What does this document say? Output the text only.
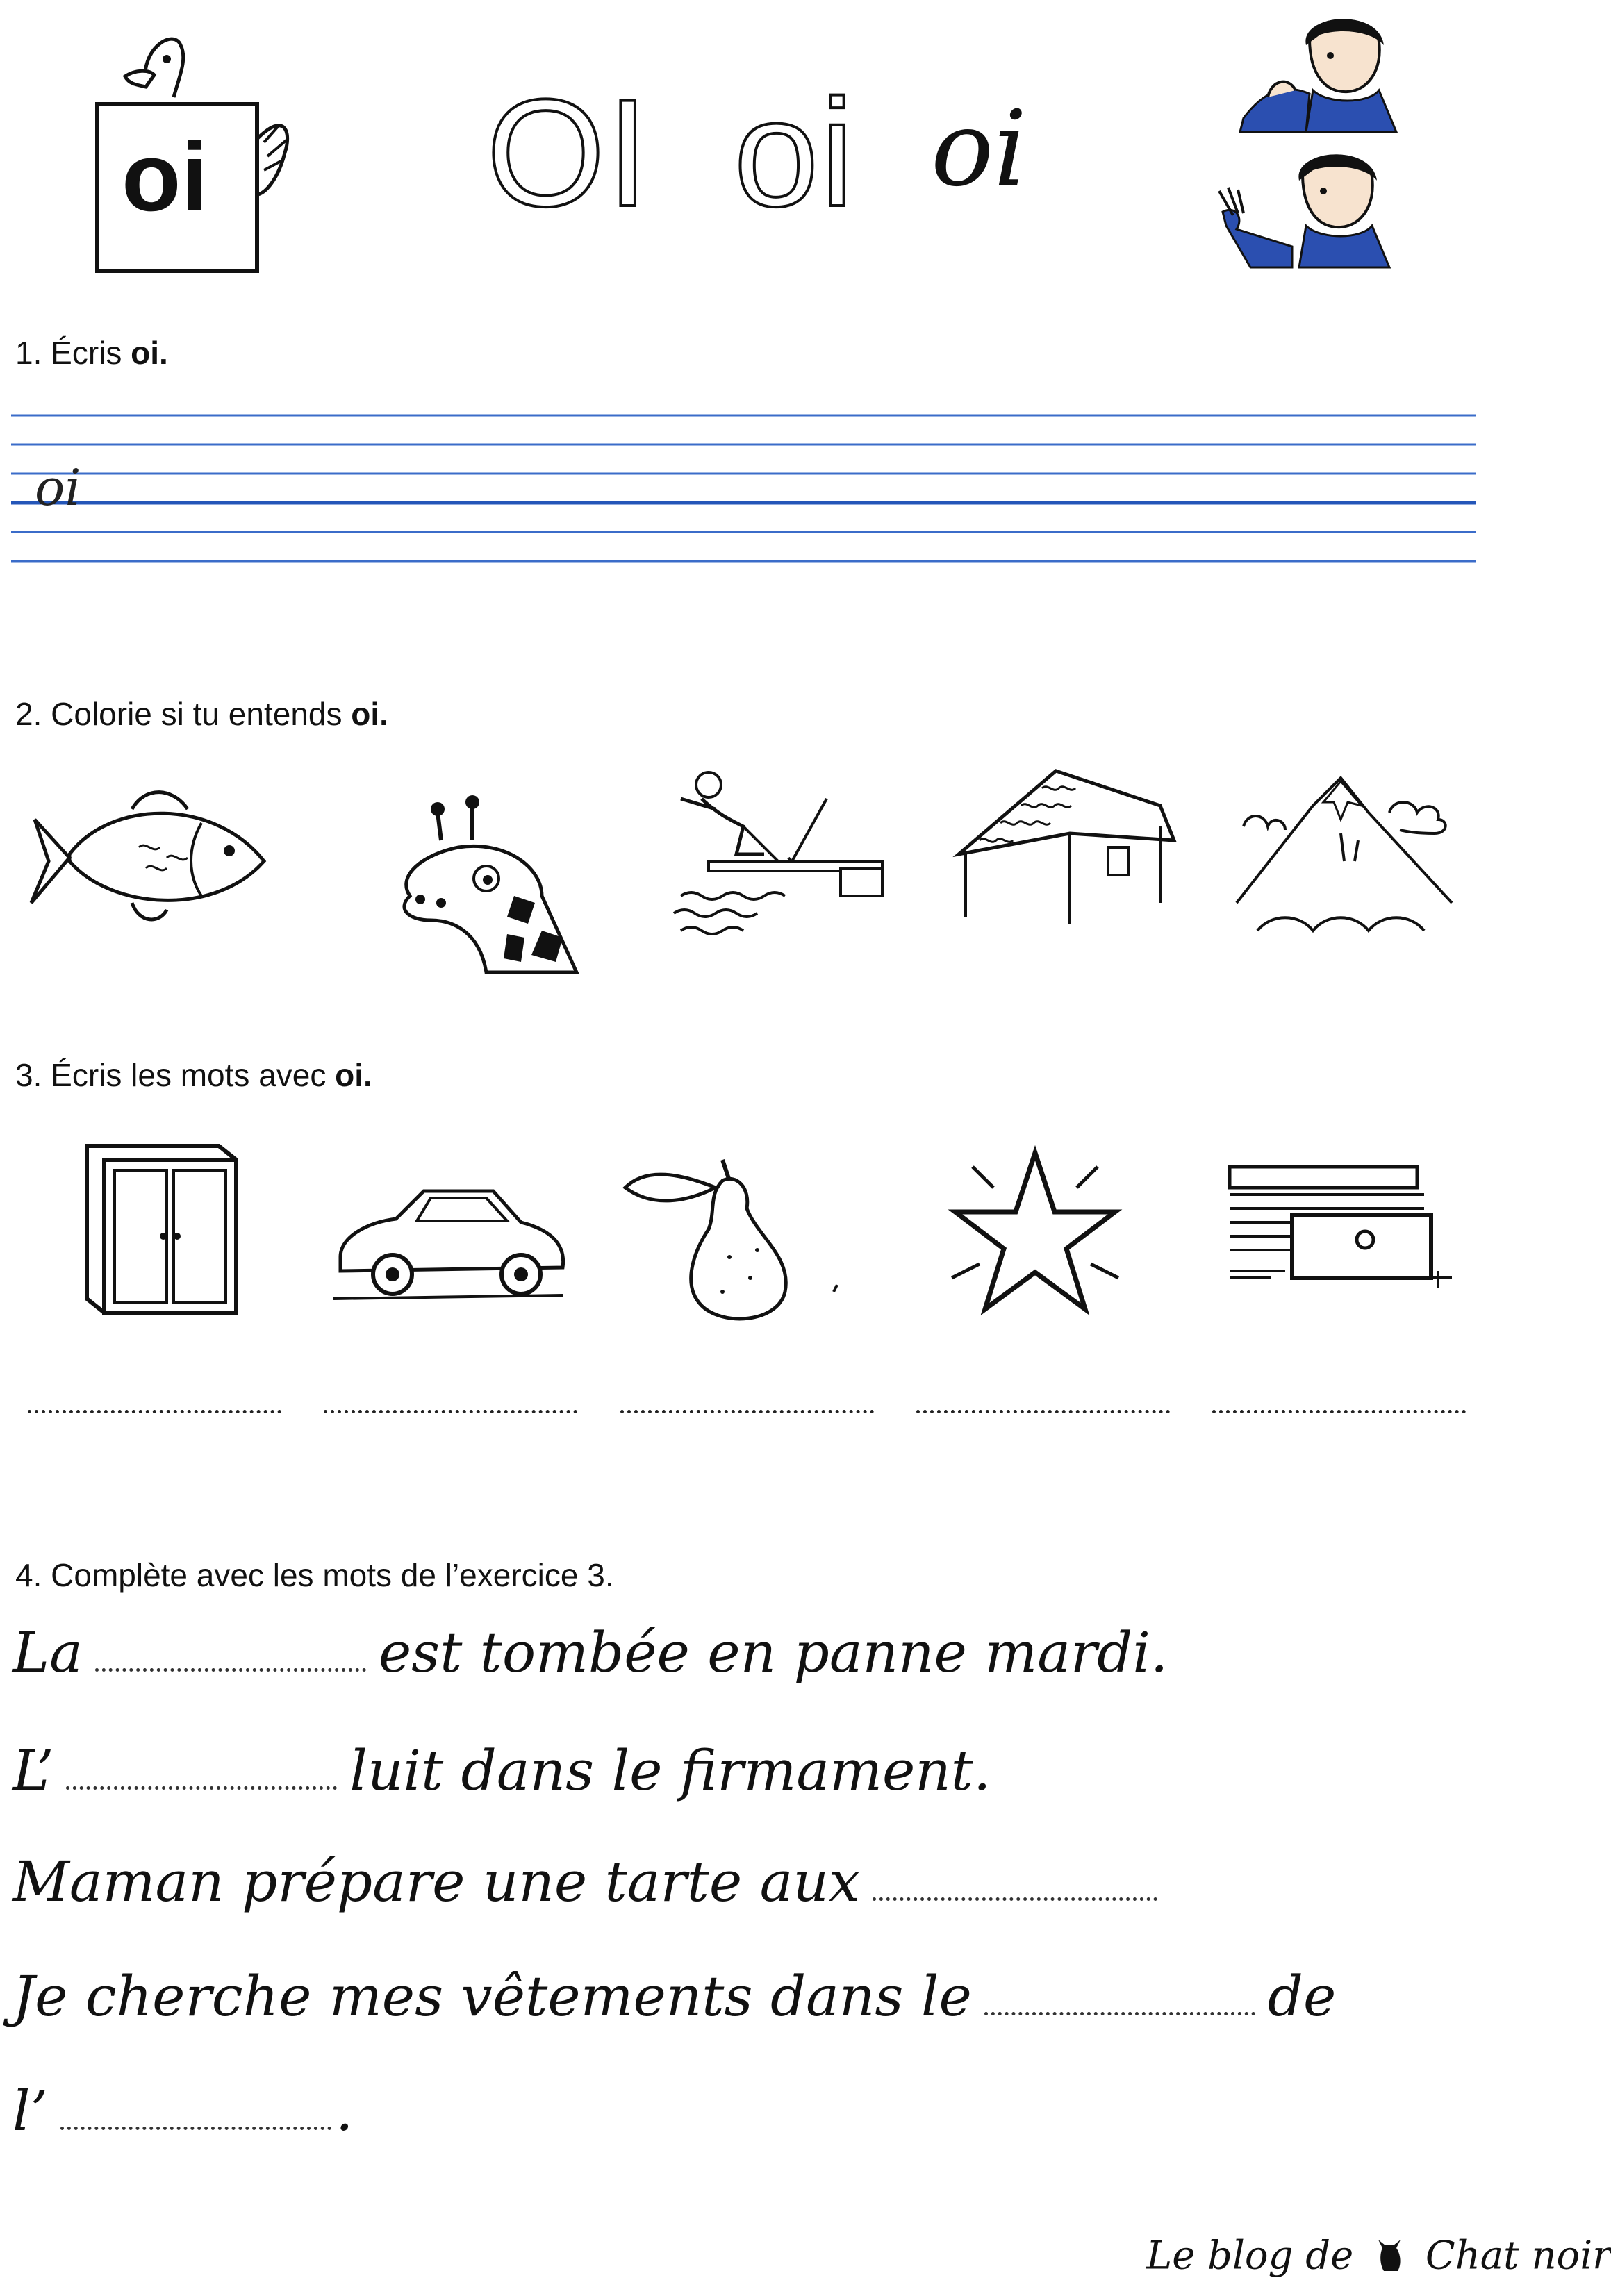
oi OI oi oi
1. Écris oi.
oi
2. Colorie si tu entends oi.
3. Écris les mots avec oi.
4. Complète avec les mots de l’exercice 3.
La	est tombée en panne mardi.
L’	luit dans le firmament.
Maman prépare une tarte aux
Je cherche mes vêtements dans le	de
l’	.
Le blog de Chat noir
